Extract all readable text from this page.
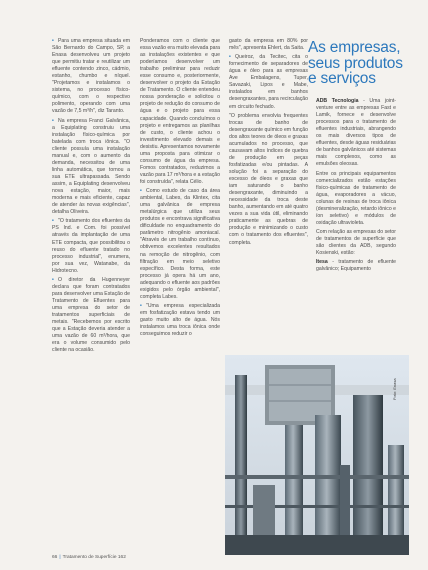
• Para uma empresa situada em São Bernardo do Campo, SP, a Enasa desenvolveu um projeto que permitiu tratar e reutilizar um efluente contendo zinco, cádmio, estanho, chumbo e níquel. "Projetamos e instalamos o sistema, no processo físico-químico, com o respectivo polimento, operando com uma vazão de 7,5 m³/h", diz Taranto.

• Na empresa Franci Galvânica, a Equiplating construiu uma instalação físico-química por batelada com troca iônica. "O cliente possuía uma instalação manual e, com o aumento da demanda, necessitou de uma linha automática, que tornou a sua ETE ultrapassada. Sendo assim, a Equiplating desenvolveu nova estação, maior, mais moderna e mais eficiente, capaz de atender às novas exigências", detalha Oliveira.

• "O tratamento dos efluentes da PS Ind. e Com. foi possível através da implantação de uma ETE compacta, que possibilitou o reuso do efluente tratado no processo industrial", enumera, por sua vez, Watanabe, da Hidrotecno.

• O diretor da Hugenneyer declara que foram contratados para desenvolver uma Estação de Tratamento de Efluentes para uma empresa do setor de tratamentos superficiais de metais. "Recebemos por escrito que a Estação deveria atender a uma vazão de 60 m³/hora, que era o volume consumido pelo cliente na ocasião.

Ponderamos com o cliente que essa vazão era muito elevada para as instalações existentes e que poderíamos desenvolver um trabalho preliminar para reduzir esse consumo e, posteriormente, desenvolver o projeto da Estação de Tratamento. O cliente entendeu nossa ponderação e solicitou o projeto de redução do consumo de água e o projeto para essa capacidade. Quando concluímos o projeto e entregamos as planilhas de custo, o cliente achou o investimento elevado demais e desistiu. Apresentamos novamente uma proposta para otimizar o consumo de água da empresa. Fomos contratados, reduzimos a vazão para 17 m³/hora e a estação foi construída", relata Célio.

• Como estudo de caso da área ambiental, Labes, da Klintex, cita uma galvânica de empresa metalúrgica que utiliza seus produtos e encontrava significativa dificuldade no enquadramento do parâmetro nitrogênio amoniacal. "Através de um trabalho contínuo, obtivemos excelentes resultados na remoção de nitrogênio, com filtração em meio seletivo específico. Desta forma, este processo já opera há um ano, adequando o efluente aos padrões exigidos pelo órgão ambiental", completa Labes.

• "Uma empresa especializada em fosfatização estava tendo um gasto muito alto de água. Nós instalamos uma troca iônica onde conseguimos reduzir o

gasto da empresa em 80% por mês", apresenta Ehlert, da Saita.

• Queiroz, da Tecitec, cita o fornecimento de separadores de água e óleo para as empresas Ave Embalagens, Tuper, Savazaki, Lipos e Mabe, instalados em banhos desengraxantes, para recirculação em circuito fechado.

"O problema envolvia frequentes trocas de banho de desengraxante químico em função dos altos teores de óleos e graxas acumulados no processo, que causavam altos índices de quebra de produção em peças fosfatizadas e/ou pintadas. A solução foi a separação do excesso de óleos e graxas que iam saturando o banho desengraxante, diminuindo a necessidade da troca deste banho, aumentando em até quatro vezes a sua vida útil, eliminando praticamente as quebras de produção e minimizando o custo com o tratamento dos efluentes", completa.

As empresas,
seus produtos
e serviços

ADB Tecnologia - Uma joint-venture entre as empresas Fast e Lamik, fornece e desenvolve processos para o tratamento de efluentes industriais, abrangendo os mais diversos tipos de efluentes, desde águas residuárias de banhos galvânicos até sistemas mais complexos, como as emulsões oleosas.

Entre os principais equipamentos comercializados estão estações físico-químicas de tratamento de água, evaporadores a vácuo, colunas de resinas de troca iônica (desmineralização, retardo iônico e íon seletivo) e módulos de oxidação ultravioleta.

Com relação as empresas do setor de tratamentos de superfície que são clientes da ADB, segundo Kosienski, estão:

Itesa - tratamento de efluente galvânico; Equipamento

Foto: Enasa
66 | Tratamento de Superfície 162
